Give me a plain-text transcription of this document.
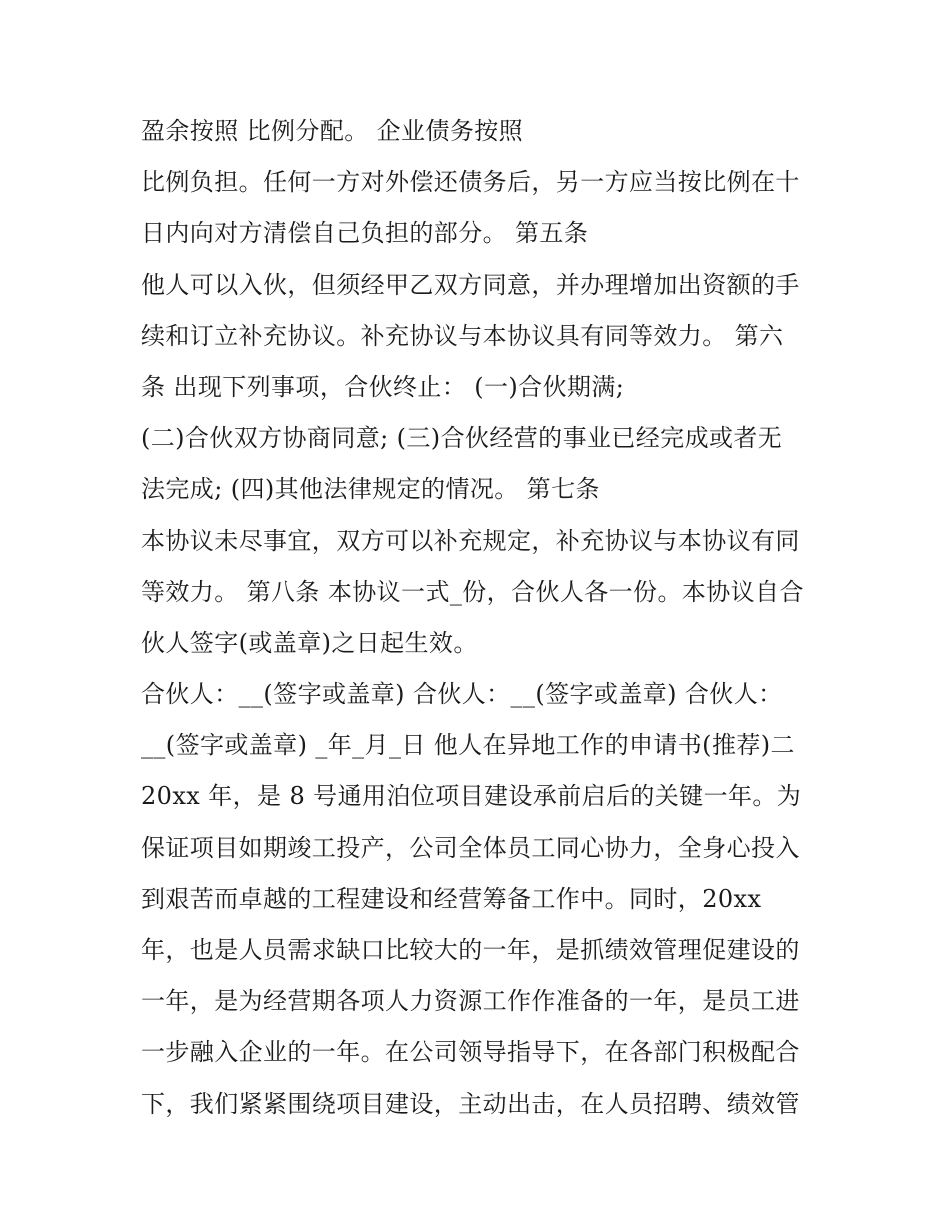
盈余按照 比例分配。 企业债务按照
比例负担。任何一方对外偿还债务后，另一方应当按比例在十
日内向对方清偿自己负担的部分。 第五条
他人可以入伙，但须经甲乙双方同意，并办理增加出资额的手
续和订立补充协议。补充协议与本协议具有同等效力。 第六
条 出现下列事项，合伙终止： (一)合伙期满;
(二)合伙双方协商同意; (三)合伙经营的事业已经完成或者无
法完成; (四)其他法律规定的情况。 第七条
本协议未尽事宜，双方可以补充规定，补充协议与本协议有同
等效力。 第八条 本协议一式_份，合伙人各一份。本协议自合
伙人签字(或盖章)之日起生效。
合伙人：__(签字或盖章) 合伙人：__(签字或盖章) 合伙人：
__(签字或盖章) _年_月_日 他人在异地工作的申请书(推荐)二
20xx 年，是 8 号通用泊位项目建设承前启后的关键一年。为
保证项目如期竣工投产，公司全体员工同心协力，全身心投入
到艰苦而卓越的工程建设和经营筹备工作中。同时，20xx
年，也是人员需求缺口比较大的一年，是抓绩效管理促建设的
一年，是为经营期各项人力资源工作作准备的一年，是员工进
一步融入企业的一年。在公司领导指导下，在各部门积极配合
下，我们紧紧围绕项目建设，主动出击，在人员招聘、绩效管
